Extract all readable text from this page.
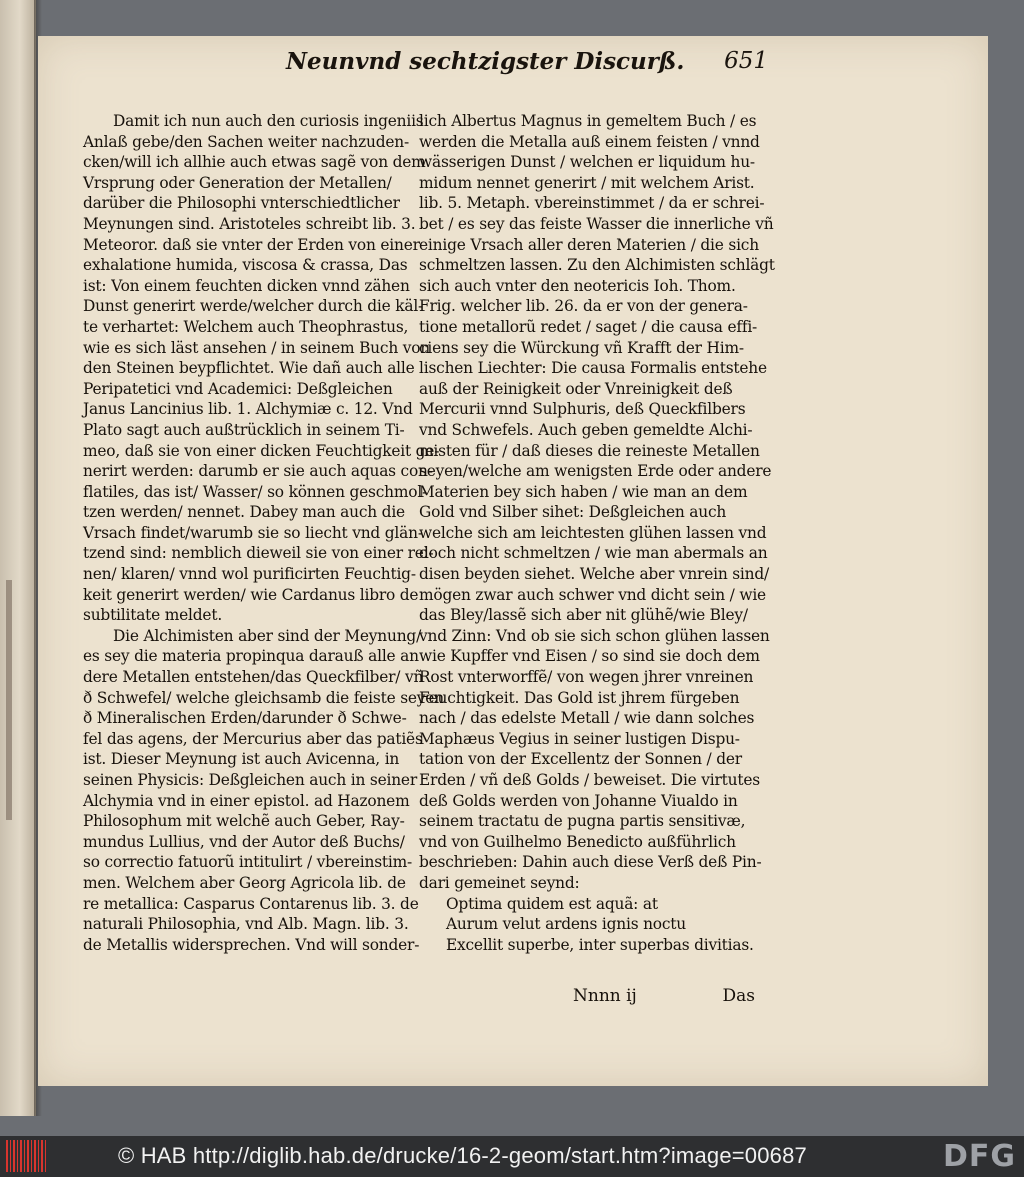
Neunvnd sechtzigster Discurß. 651
Damit ich nun auch den curiosis ingeniis
Anlaß gebe/den Sachen weiter nachzuden-
cken/will ich allhie auch etwas sagẽ von dem
Vrsprung oder Generation der Metallen/
darüber die Philosophi vnterschiedtlicher
Meynungen sind. Aristoteles schreibt lib. 3.
Meteoror. daß sie vnter der Erden von einer
exhalatione humida, viscosa & crassa, Das
ist: Von einem feuchten dicken vnnd zähen
Dunst generirt werde/welcher durch die käl-
te verhartet: Welchem auch Theophrastus,
wie es sich läst ansehen / in seinem Buch von
den Steinen beypflichtet. Wie dañ auch alle
Peripatetici vnd Academici: Deßgleichen
Janus Lancinius lib. 1. Alchymiæ c. 12. Vnd
Plato sagt auch außtrücklich in seinem Ti-
meo, daß sie von einer dicken Feuchtigkeit ge-
nerirt werden: darumb er sie auch aquas con-
flatiles, das ist/ Wasser/ so können geschmol-
tzen werden/ nennet. Dabey man auch die
Vrsach findet/warumb sie so liecht vnd glän-
tzend sind: nemblich dieweil sie von einer rei-
nen/ klaren/ vnnd wol purificirten Feuchtig-
keit generirt werden/ wie Cardanus libro de
subtilitate meldet.
Die Alchimisten aber sind der Meynung/
es sey die materia propinqua darauß alle an
dere Metallen entstehen/das Queckfilber/ vñ
ð Schwefel/ welche gleichsamb die feiste seyen
ð Mineralischen Erden/darunder ð Schwe-
fel das agens, der Mercurius aber das patiẽs
ist. Dieser Meynung ist auch Avicenna, in
seinen Physicis: Deßgleichen auch in seiner
Alchymia vnd in einer epistol. ad Hazonem
Philosophum mit welchẽ auch Geber, Ray-
mundus Lullius, vnd der Autor deß Buchs/
so correctio fatuorũ intitulirt / vbereinstim-
men. Welchem aber Georg Agricola lib. de
re metallica: Casparus Contarenus lib. 3. de
naturali Philosophia, vnd Alb. Magn. lib. 3.
de Metallis widersprechen. Vnd will sonder-
lich Albertus Magnus in gemeltem Buch / es
werden die Metalla auß einem feisten / vnnd
wässerigen Dunst / welchen er liquidum hu-
midum nennet generirt / mit welchem Arist.
lib. 5. Metaph. vbereinstimmet / da er schrei-
bet / es sey das feiste Wasser die innerliche vñ
einige Vrsach aller deren Materien / die sich
schmeltzen lassen. Zu den Alchimisten schlägt
sich auch vnter den neotericis Ioh. Thom.
Frig. welcher lib. 26. da er von der genera-
tione metallorũ redet / saget / die causa effi-
ciens sey die Würckung vñ Krafft der Him-
lischen Liechter: Die causa Formalis entstehe
auß der Reinigkeit oder Vnreinigkeit deß
Mercurii vnnd Sulphuris, deß Queckfilbers
vnd Schwefels. Auch geben gemeldte Alchi-
misten für / daß dieses die reineste Metallen
seyen/welche am wenigsten Erde oder andere
Materien bey sich haben / wie man an dem
Gold vnd Silber sihet: Deßgleichen auch
welche sich am leichtesten glühen lassen vnd
doch nicht schmeltzen / wie man abermals an
disen beyden siehet. Welche aber vnrein sind/
mögen zwar auch schwer vnd dicht sein / wie
das Bley/lassẽ sich aber nit glühẽ/wie Bley/
vnd Zinn: Vnd ob sie sich schon glühen lassen
wie Kupffer vnd Eisen / so sind sie doch dem
Rost vnterworffẽ/ von wegen jhrer vnreinen
Feuchtigkeit. Das Gold ist jhrem fürgeben
nach / das edelste Metall / wie dann solches
Maphæus Vegius in seiner lustigen Dispu-
tation von der Excellentz der Sonnen / der
Erden / vñ deß Golds / beweiset. Die virtutes
deß Golds werden von Johanne Viualdo in
seinem tractatu de pugna partis sensitivæ,
vnd von Guilhelmo Benedicto außführlich
beschrieben: Dahin auch diese Verß deß Pin-
dari gemeinet seynd:
Optima quidem est aquã: at
Aurum velut ardens ignis noctu
Excellit superbe, inter superbas divitias.
Nnnn ij	Das
© HAB http://diglib.hab.de/drucke/16-2-geom/start.htm?image=00687	DFG
